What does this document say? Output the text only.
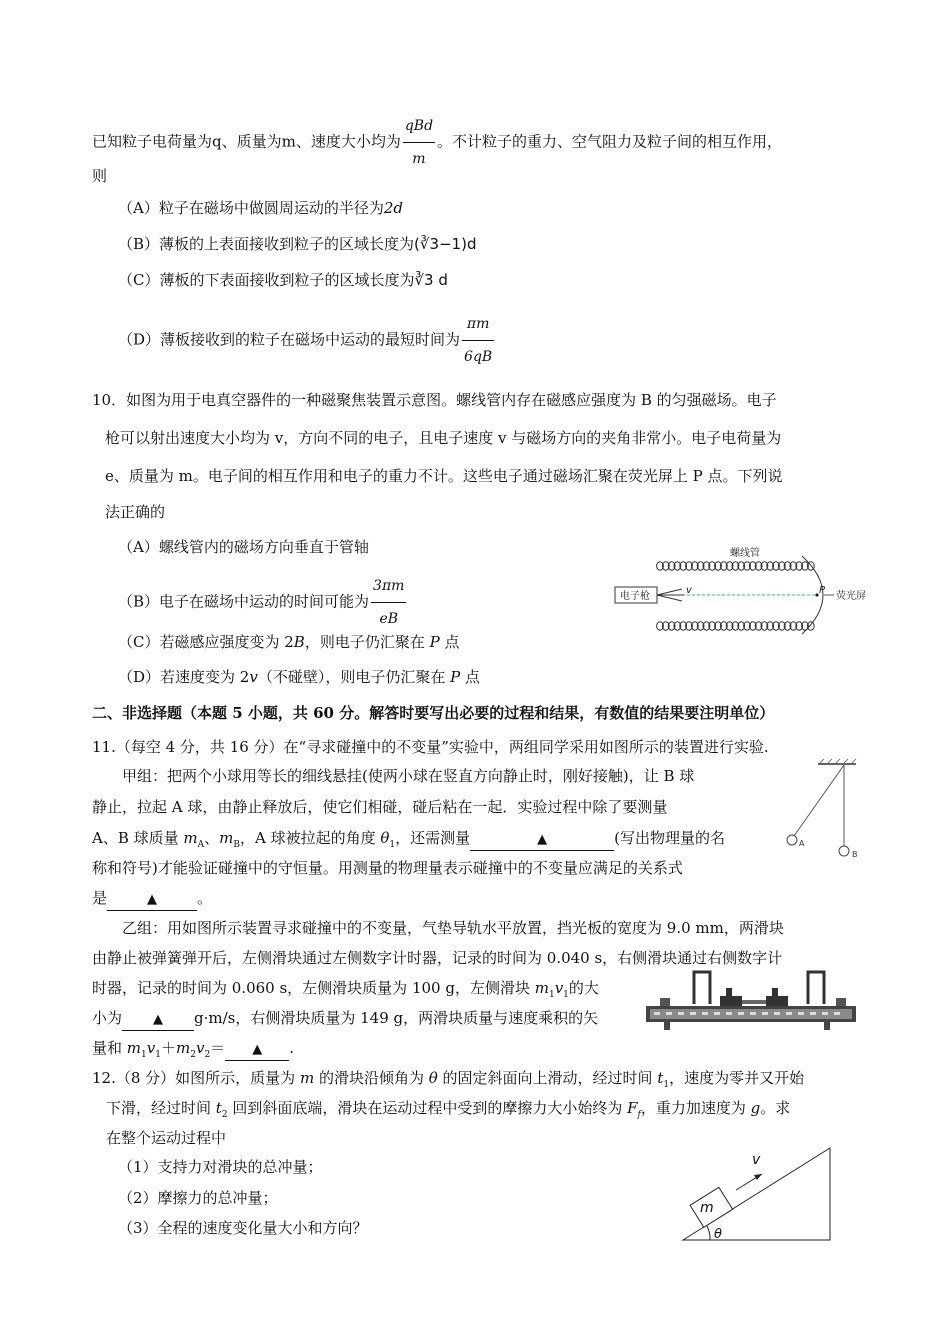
已知粒子电荷量为q、质量为m、速度大小均为 $\frac{\text{qBd}}{m}$ 。不计粒子的重力、空气阻力及粒子间的相互作用，
则
（A）粒子在磁场中做圆周运动的半径为2d
（B）薄板的上表面接收到粒子的区域长度为(∛3−1)d
（C）薄板的下表面接收到粒子的区域长度为∛3 d
（D）薄板接收到的粒子在磁场中运动的最短时间为 $\frac{\pi m}{6qB}$
10．如图为用于电真空器件的一种磁聚焦装置示意图。螺线管内存在磁感应强度为 B 的匀强磁场。电子
枪可以射出速度大小均为 v，方向不同的电子，且电子速度 v 与磁场方向的夹角非常小。电子电荷量为
e、质量为 m。电子间的相互作用和电子的重力不计。这些电子通过磁场汇聚在荧光屏上 P 点。下列说
法正确的
（A）螺线管内的磁场方向垂直于管轴
（B）电子在磁场中运动的时间可能为 $\frac{3\pi m}{eB}$
（C）若磁感应强度变为 2B，则电子仍汇聚在 P 点
（D）若速度变为 2v（不碰壁），则电子仍汇聚在 P 点
螺线管
电子枪
v	P
荧光屏
二、非选择题（本题 5 小题，共 60 分。解答时要写出必要的过程和结果，有数值的结果要注明单位）
11.（每空 4 分，共 16 分）在“寻求碰撞中的不变量”实验中，两组同学采用如图所示的装置进行实验.
甲组：把两个小球用等长的细线悬挂(使两小球在竖直方向静止时，刚好接触)，让 B 球
静止，拉起 A 球，由静止释放后，使它们相碰，碰后粘在一起．实验过程中除了要测量
A、B 球质量 $m_A$、$m_B$，A 球被拉起的角度 $\theta_1$，还需测量	▲	(写出物理量的名
称和符号)才能验证碰撞中的守恒量。用测量的物理量表示碰撞中的不变量应满足的关系式
是	▲	。
A
B
乙组：用如图所示装置寻求碰撞中的不变量，气垫导轨水平放置，挡光板的宽度为 9.0 mm，两滑块
由静止被弹簧弹开后，左侧滑块通过左侧数字计时器，记录的时间为 0.040 s，右侧滑块通过右侧数字计
时器，记录的时间为 0.060 s，左侧滑块质量为 100 g，左侧滑块 $m_1v_1$的大
小为 ▲ g·m/s，右侧滑块质量为 149 g，两滑块质量与速度乘积的矢
量和 $m_1v_1+m_2v_2=$ ▲ .
12.（8 分）如图所示，质量为 m 的滑块沿倾角为 θ 的固定斜面向上滑动，经过时间 $t_1$，速度为零并又开始
下滑，经过时间 $t_2$ 回到斜面底端，滑块在运动过程中受到的摩擦力大小始终为 $F_f$，重力加速度为 g。求
在整个运动过程中
（1）支持力对滑块的总冲量；
（2）摩擦力的总冲量；
（3）全程的速度变化量大小和方向？
m
v
θ
